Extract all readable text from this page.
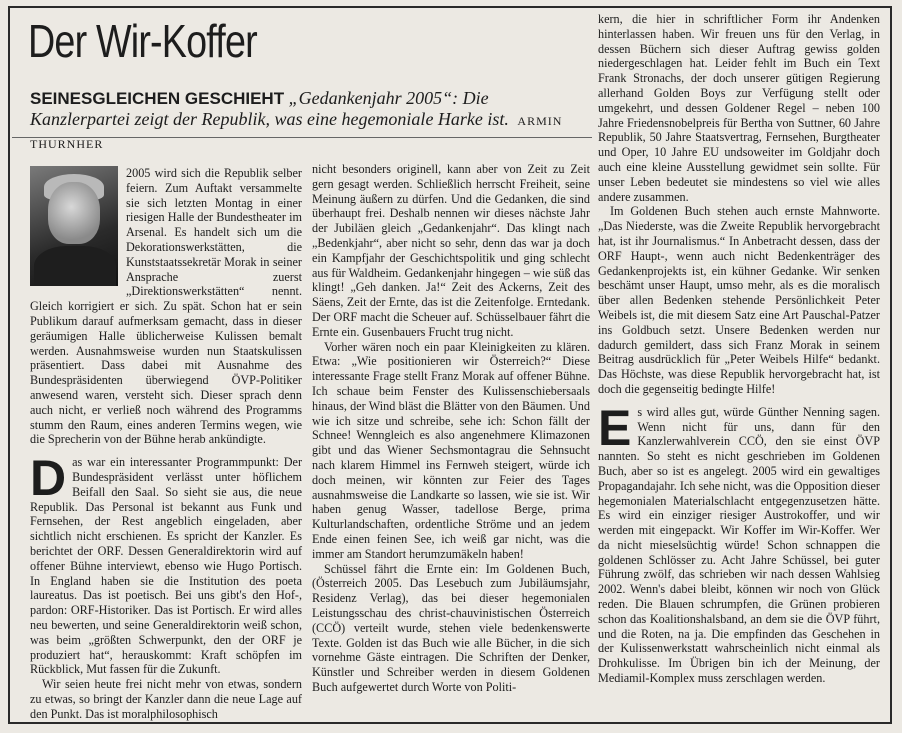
Der Wir-Koffer
SEINESGLEICHEN GESCHIEHT „Gedankenjahr 2005“: Die Kanzlerpartei zeigt der Republik, was eine hegemoniale Harke ist. ARMIN THURNHER

2005 wird sich die Republik selber feiern. Zum Auftakt versammelte sie sich letzten Montag in einer riesigen Halle der Bundestheater im Arsenal. Es handelt sich um die Dekorationswerkstätten, die Kunststaatssekretär Morak in seiner Ansprache zuerst „Direktionswerkstätten“ nennt. Gleich korrigiert er sich. Zu spät. Schon hat er sein Publikum darauf aufmerksam gemacht, dass in dieser geräumigen Halle üblicherweise Kulissen bemalt werden. Ausnahmsweise wurden nun Staatskulissen präsentiert. Dass dabei mit Ausnahme des Bundespräsidenten überwiegend ÖVP-Politiker anwesend waren, versteht sich. Dieser sprach denn auch nicht, er verließ noch während des Programms stumm den Raum, eines anderen Termins wegen, wie die Sprecherin von der Bühne herab ankündigte.

Das war ein interessanter Programmpunkt: Der Bundespräsident verlässt unter höflichem Beifall den Saal. So sieht sie aus, die neue Republik. Das Personal ist bekannt aus Funk und Fernsehen, der Rest angeblich eingeladen, aber sichtlich nicht erschienen. Es spricht der Kanzler. Es berichtet der ORF. Dessen Generaldirektorin wird auf offener Bühne interviewt, ebenso wie Hugo Portisch. In England haben sie die Institution des poeta laureatus. Das ist poetisch. Bei uns gibt's den Hof-, pardon: ORF-Historiker. Das ist Portisch. Er wird alles neu bewerten, und seine Generaldirektorin weiß schon, was beim „größten Schwerpunkt, den der ORF je produziert hat“, herauskommt: Kraft schöpfen im Rückblick, Mut fassen für die Zukunft.

Wir seien heute frei nicht mehr von etwas, sondern zu etwas, so bringt der Kanzler dann die neue Lage auf den Punkt. Das ist moralphilosophisch

nicht besonders originell, kann aber von Zeit zu Zeit gern gesagt werden. Schließlich herrscht Freiheit, seine Meinung äußern zu dürfen. Und die Gedanken, die sind überhaupt frei. Deshalb nennen wir dieses nächste Jahr der Jubiläen gleich „Gedankenjahr“. Das klingt nach „Bedenkjahr“, aber nicht so sehr, denn das war ja doch ein Kampfjahr der Geschichtspolitik und ging schlecht aus für Waldheim. Gedankenjahr hingegen – wie süß das klingt! „Geh danken. Ja!“ Zeit des Ackerns, Zeit des Säens, Zeit der Ernte, das ist die Zeitenfolge. Erntedank. Der ORF macht die Scheuer auf. Schüsselbauer fährt die Ernte ein. Gusenbauers Frucht trug nicht.

Vorher wären noch ein paar Kleinigkeiten zu klären. Etwa: „Wie positionieren wir Österreich?“ Diese interessante Frage stellt Franz Morak auf offener Bühne. Ich schaue beim Fenster des Kulissenschiebersaals hinaus, der Wind bläst die Blätter von den Bäumen. Und wie ich sitze und schreibe, sehe ich: Schon fällt der Schnee! Wenngleich es also angenehmere Klimazonen gibt und das Wiener Sechsmontagrau die Sehnsucht nach klarem Himmel ins Fernweh steigert, würde ich doch meinen, wir könnten zur Feier des Tages ausnahmsweise die Landkarte so lassen, wie sie ist. Wir haben genug Wasser, tadellose Berge, prima Kulturlandschaften, ordentliche Ströme und an jedem Ende einen feinen See, ich weiß gar nicht, was die immer am Standort herumzumäkeln haben!

Schüssel fährt die Ernte ein: Im Goldenen Buch, (Österreich 2005. Das Lesebuch zum Jubiläumsjahr, Residenz Verlag), das bei dieser hegemonialen Leistungsschau des christ-chauvinistischen Österreich (CCÖ) verteilt wurde, stehen viele bedenkenswerte Texte. Golden ist das Buch wie alle Bücher, in die sich vornehme Gäste eintragen. Die Schriften der Denker, Künstler und Schreiber werden in diesem Goldenen Buch aufgewertet durch Worte von Politi-

kern, die hier in schriftlicher Form ihr Andenken hinterlassen haben. Wir freuen uns für den Verlag, in dessen Büchern sich dieser Auftrag gewiss golden niedergeschlagen hat. Leider fehlt im Buch ein Text Frank Stronachs, der doch unserer gütigen Regierung allerhand Golden Boys zur Verfügung stellt oder umgekehrt, und dessen Goldener Regel – neben 100 Jahre Friedensnobelpreis für Bertha von Suttner, 60 Jahre Republik, 50 Jahre Staatsvertrag, Fernsehen, Burgtheater und Oper, 10 Jahre EU undsoweiter im Goldjahr doch auch eine kleine Ausstellung gewidmet sein sollte. Für unser Leben bedeutet sie mindestens so viel wie alles andere zusammen.

Im Goldenen Buch stehen auch ernste Mahnworte. „Das Niederste, was die Zweite Republik hervorgebracht hat, ist ihr Journalismus.“ In Anbetracht dessen, dass der ORF Haupt-, wenn auch nicht Bedenkenträger des Gedankenprojekts ist, ein kühner Gedanke. Wir senken beschämt unser Haupt, umso mehr, als es die moralisch über allen Bedenken stehende Persönlichkeit Peter Weibels ist, die mit diesem Satz eine Art Pauschal-Patzer ins Goldbuch setzt. Unsere Bedenken werden nur dadurch gemildert, dass sich Franz Morak in seinem Beitrag ausdrücklich für „Peter Weibels Hilfe“ bedankt. Das Höchste, was diese Republik hervorgebracht hat, ist doch die gegenseitig bedingte Hilfe!

Es wird alles gut, würde Günther Nenning sagen. Wenn nicht für uns, dann für den Kanzlerwahlverein CCÖ, den sie einst ÖVP nannten. So steht es nicht geschrieben im Goldenen Buch, aber so ist es angelegt. 2005 wird ein gewaltiges Propagandajahr. Ich sehe nicht, was die Opposition dieser hegemonialen Materialschlacht entgegenzusetzen hätte. Es wird ein einziger riesiger Austrokoffer, und wir werden mit eingepackt. Wir Koffer im Wir-Koffer. Wer da nicht mieselsüchtig würde! Schon schnappen die goldenen Schlösser zu. Acht Jahre Schüssel, bei guter Führung zwölf, das schrieben wir nach dessen Wahlsieg 2002. Wenn's dabei bleibt, können wir noch von Glück reden. Die Blauen schrumpfen, die Grünen probieren schon das Koalitionshalsband, an dem sie die ÖVP führt, und die Roten, na ja. Die empfinden das Geschehen in der Kulissenwerkstatt wahrscheinlich nicht einmal als Drohkulisse. Im Übrigen bin ich der Meinung, der Mediamil-Komplex muss zerschlagen werden.
